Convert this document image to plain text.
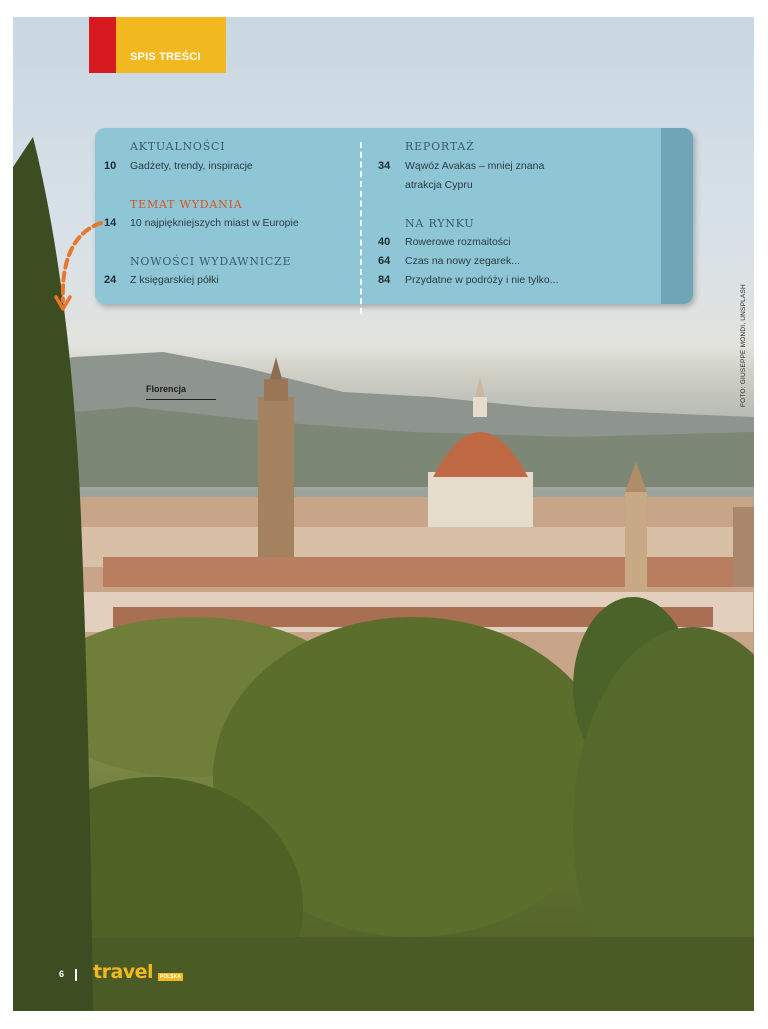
SPIS TREŚCI
AKTUALNOŚCI
10 Gadżety, trendy, inspiracje
TEMAT WYDANIA
14 10 najpiękniejszych miast w Europie
NOWOŚCI WYDAWNICZE
24 Z księgarskiej półki
REPORTAŻ
34 Wąwóz Avakas – mniej znana
atrakcja Cypru
NA RYNKU
40 Rowerowe rozmaitości
64 Czas na nowy zegarek...
84 Przydatne w podróży i nie tylko...
Florencja	FOTO: GIUSEPPE MONDI, UNSPLASH
6 travel	POLSKA
